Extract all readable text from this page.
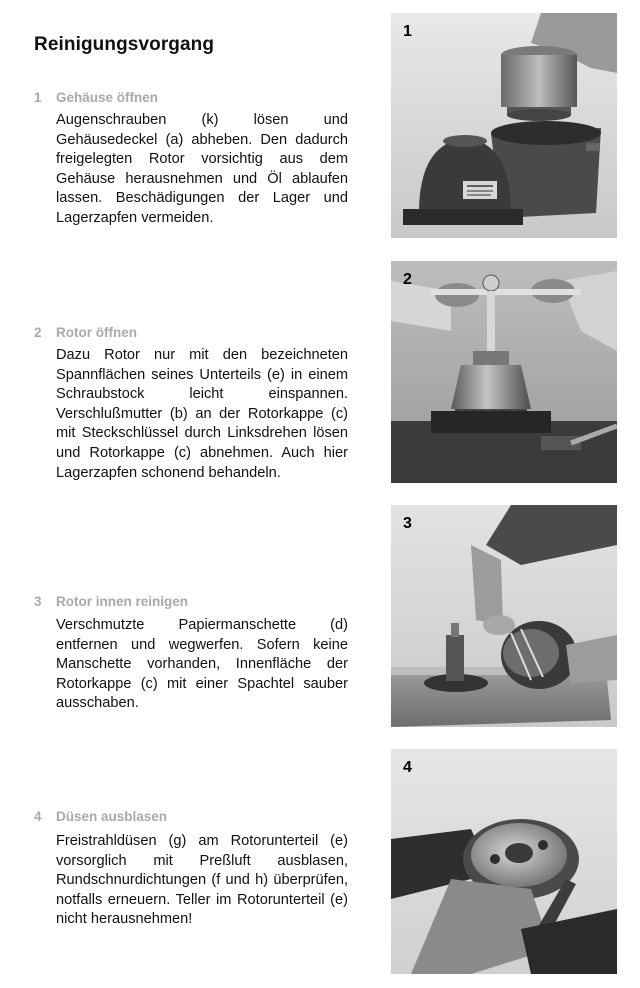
Reinigungsvorgang
1 Gehäuse öffnen
Augenschrauben (k) lösen und Gehäusedeckel (a) abheben. Den dadurch freigelegten Rotor vorsichtig aus dem Gehäuse herausnehmen und Öl ablaufen lassen. Beschädigungen der Lager und Lagerzapfen vermeiden.
2 Rotor öffnen
Dazu Rotor nur mit den bezeichneten Spannflächen seines Unterteils (e) in einem Schraubstock leicht einspannen. Verschlußmutter (b) an der Rotorkappe (c) mit Steckschlüssel durch Linksdrehen lösen und Rotorkappe (c) abnehmen. Auch hier Lagerzapfen schonend behandeln.
3 Rotor innen reinigen
Verschmutzte Papiermanschette (d) entfernen und wegwerfen. Sofern keine Manschette vorhanden, Innenfläche der Rotorkappe (c) mit einer Spachtel sauber ausschaben.
4 Düsen ausblasen
Freistrahldüsen (g) am Rotorunterteil (e) vorsorglich mit Preßluft ausblasen, Rundschnurdichtungen (f und h) überprüfen, notfalls erneuern. Teller im Rotorunterteil (e) nicht herausnehmen!
1
2
3
4
